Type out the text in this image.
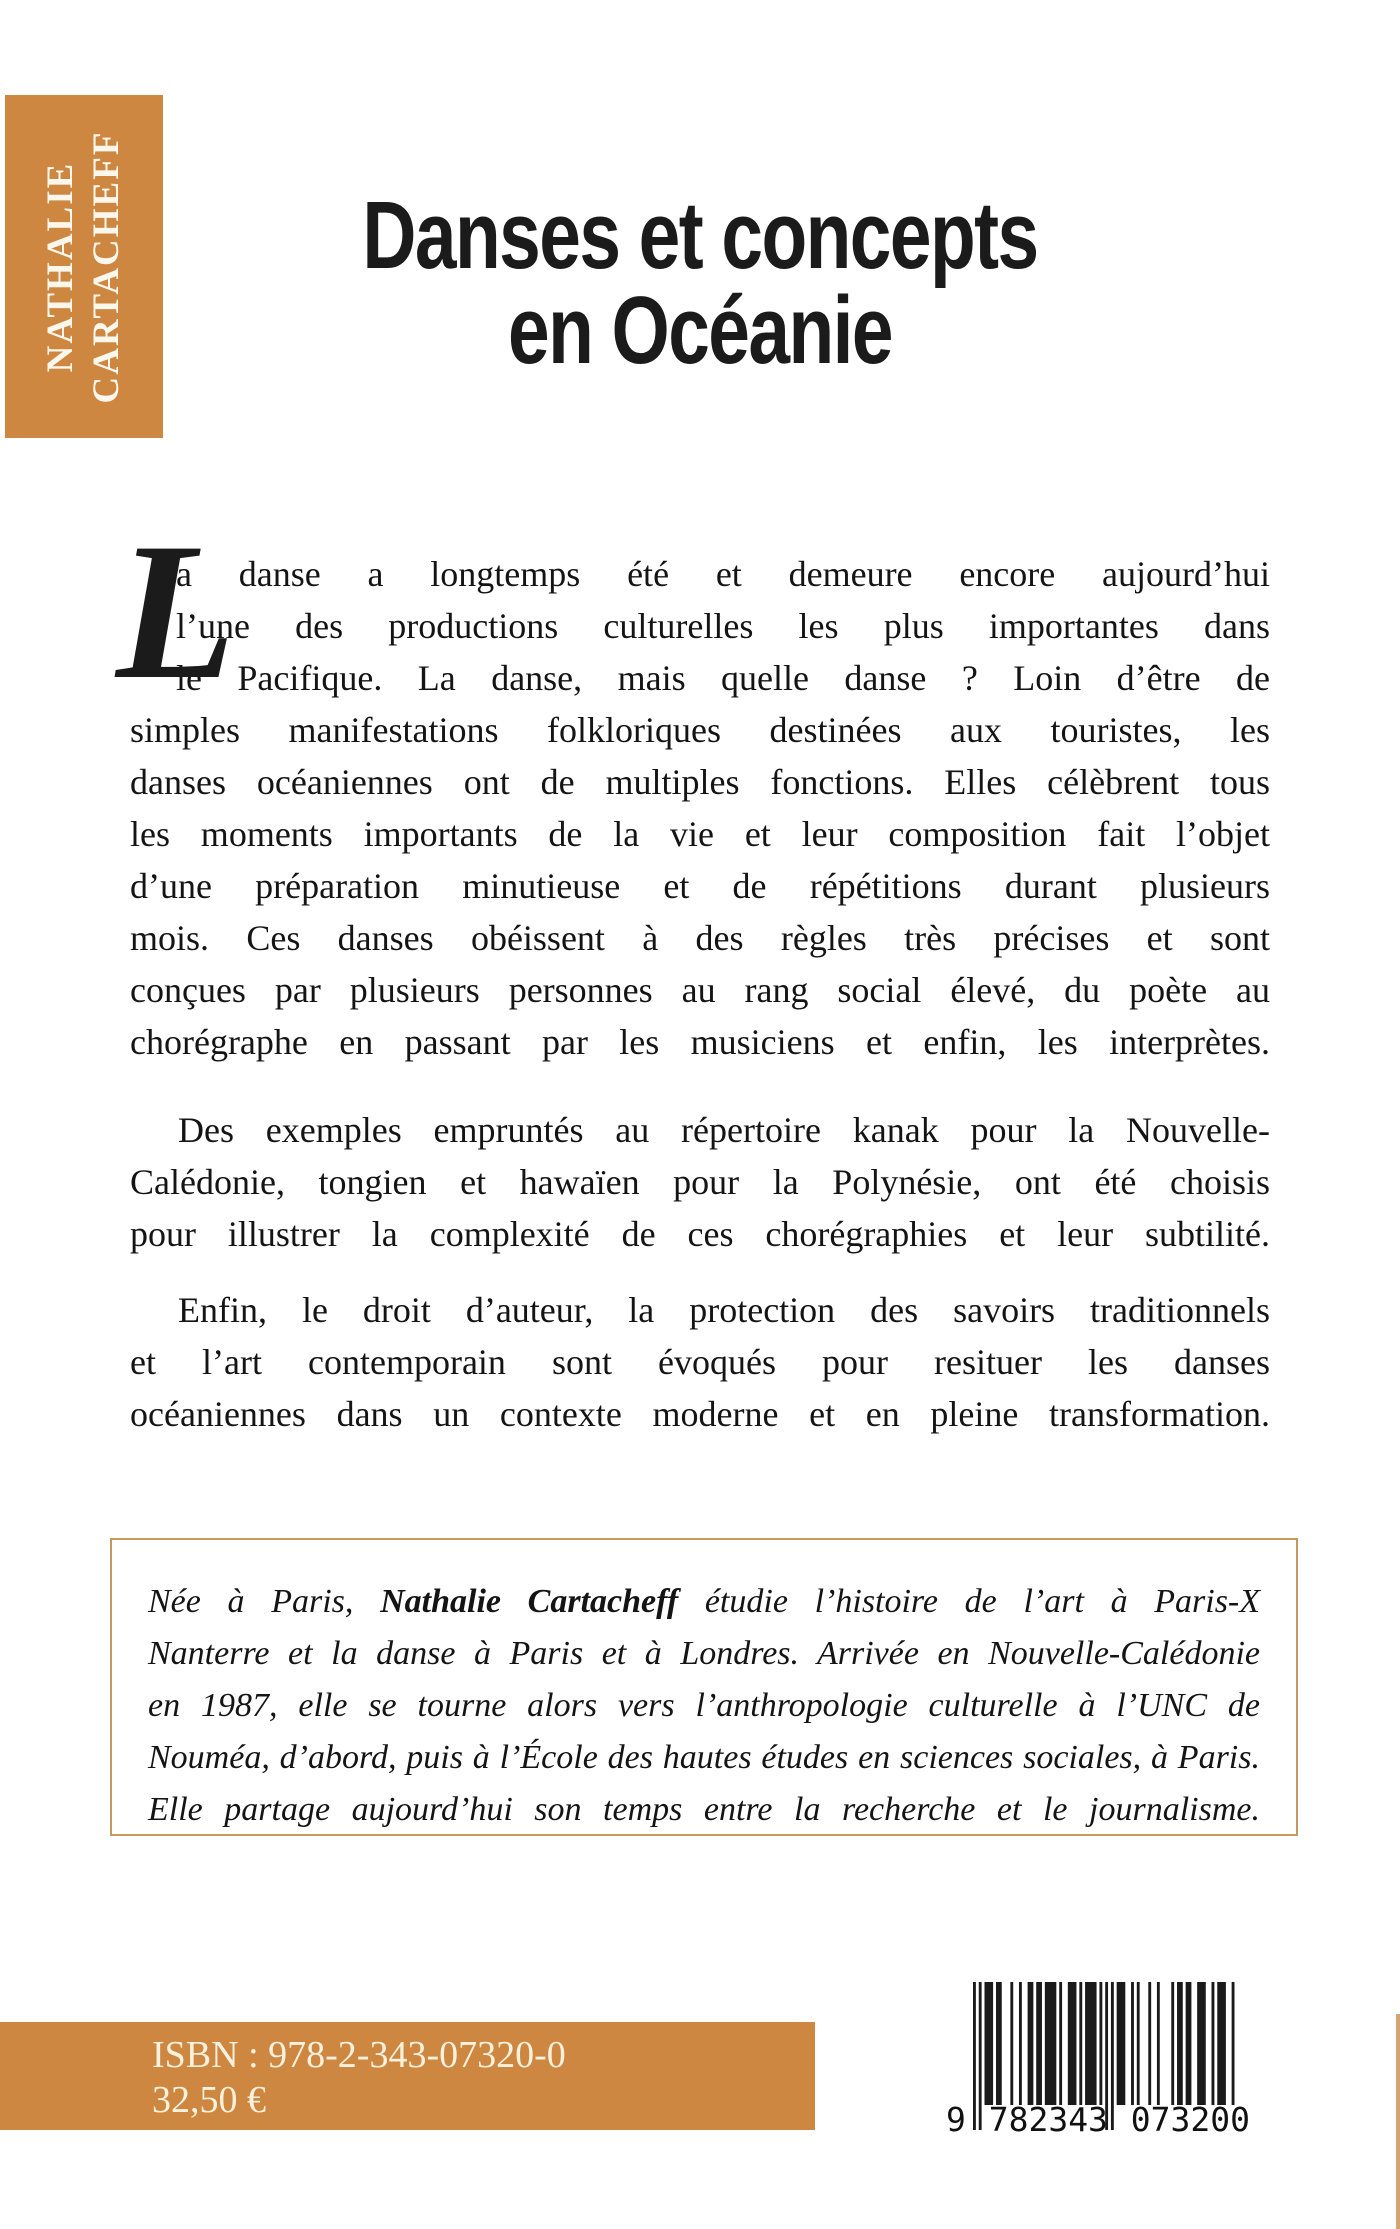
NATHALIE CARTACHEFF	Danses et concepts
en Océanie
L
a danse a longtemps été et demeure encore aujourd’hui
l’une des productions culturelles les plus importantes dans
le Pacifique. La danse, mais quelle danse ? Loin d’être de
simples manifestations folkloriques destinées aux touristes, les
danses océaniennes ont de multiples fonctions. Elles célèbrent tous
les moments importants de la vie et leur composition fait l’objet
d’une préparation minutieuse et de répétitions durant plusieurs
mois. Ces danses obéissent à des règles très précises et sont
conçues par plusieurs personnes au rang social élevé, du poète au
chorégraphe en passant par les musiciens et enfin, les interprètes.
Des exemples empruntés au répertoire kanak pour la Nouvelle-
Calédonie, tongien et hawaïen pour la Polynésie, ont été choisis
pour illustrer la complexité de ces chorégraphies et leur subtilité.
Enfin, le droit d’auteur, la protection des savoirs traditionnels
et l’art contemporain sont évoqués pour resituer les danses
océaniennes dans un contexte moderne et en pleine transformation.
Née à Paris, Nathalie Cartacheff étudie l’histoire de l’art à Paris-X
Nanterre et la danse à Paris et à Londres. Arrivée en Nouvelle-Calédonie
en 1987, elle se tourne alors vers l’anthropologie culturelle à l’UNC de
Nouméa, d’abord, puis à l’École des hautes études en sciences sociales, à Paris.
Elle partage aujourd’hui son temps entre la recherche et le journalisme.
ISBN : 978-2-343-07320-0
32,50 €	9 782343 073200
